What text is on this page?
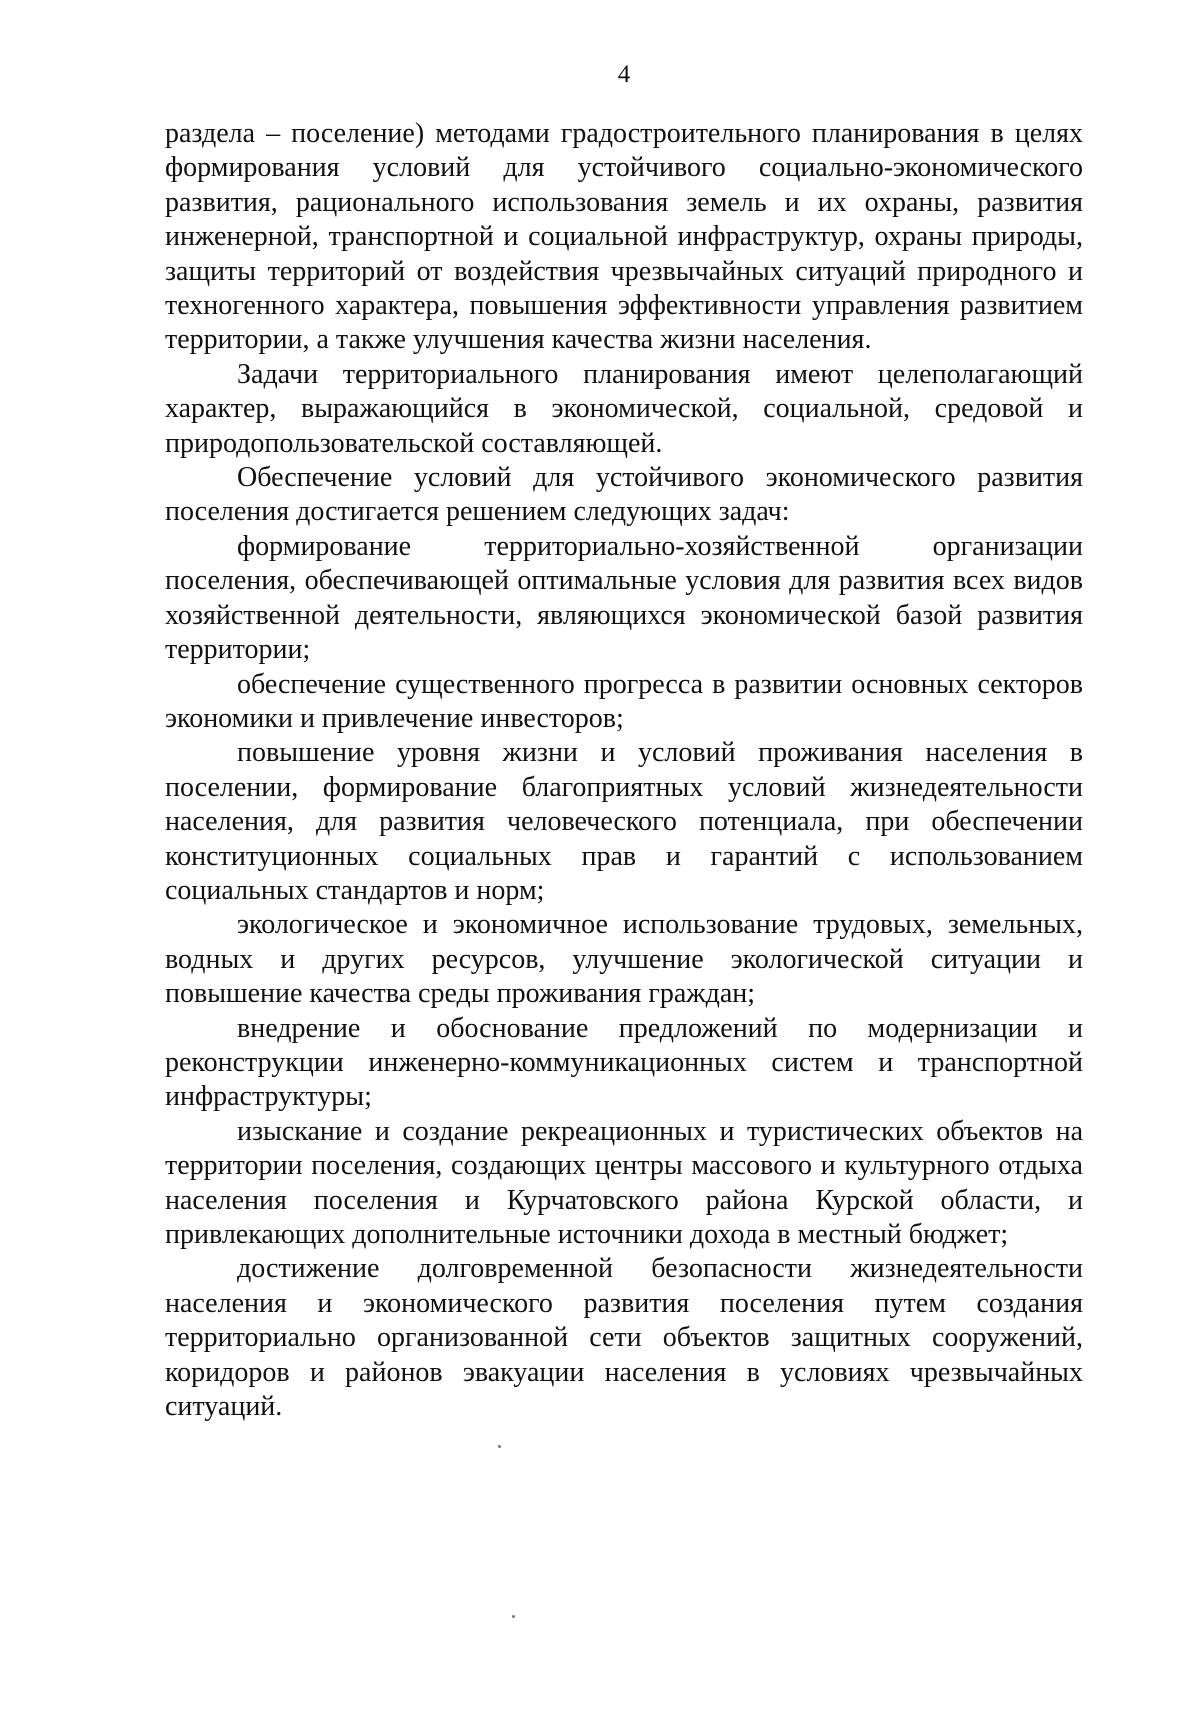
4

раздела – поселение) методами градостроительного планирования в целях формирования условий для устойчивого социально-экономического развития, рационального использования земель и их охраны, развития инженерной, транспортной и социальной инфраструктур, охраны природы, защиты территорий от воздействия чрезвычайных ситуаций природного и техногенного характера, повышения эффективности управления развитием территории, а также улучшения качества жизни населения.

Задачи территориального планирования имеют целеполагающий характер, выражающийся в экономической, социальной, средовой и природопользовательской составляющей.

Обеспечение условий для устойчивого экономического развития поселения достигается решением следующих задач:

формирование территориально-хозяйственной организации поселения, обеспечивающей оптимальные условия для развития всех видов хозяйственной деятельности, являющихся экономической базой развития территории;

обеспечение существенного прогресса в развитии основных секторов экономики и привлечение инвесторов;

повышение уровня жизни и условий проживания населения в поселении, формирование благоприятных условий жизнедеятельности населения, для развития человеческого потенциала, при обеспечении конституционных социальных прав и гарантий с использованием социальных стандартов и норм;

экологическое и экономичное использование трудовых, земельных, водных и других ресурсов, улучшение экологической ситуации и повышение качества среды проживания граждан;

внедрение и обоснование предложений по модернизации и реконструкции инженерно-коммуникационных систем и транспортной инфраструктуры;

изыскание и создание рекреационных и туристических объектов на территории поселения, создающих центры массового и культурного отдыха населения поселения и Курчатовского района Курской области, и привлекающих дополнительные источники дохода в местный бюджет;

достижение долговременной безопасности жизнедеятельности населения и экономического развития поселения путем создания территориально организованной сети объектов защитных сооружений, коридоров и районов эвакуации населения в условиях чрезвычайных ситуаций.
